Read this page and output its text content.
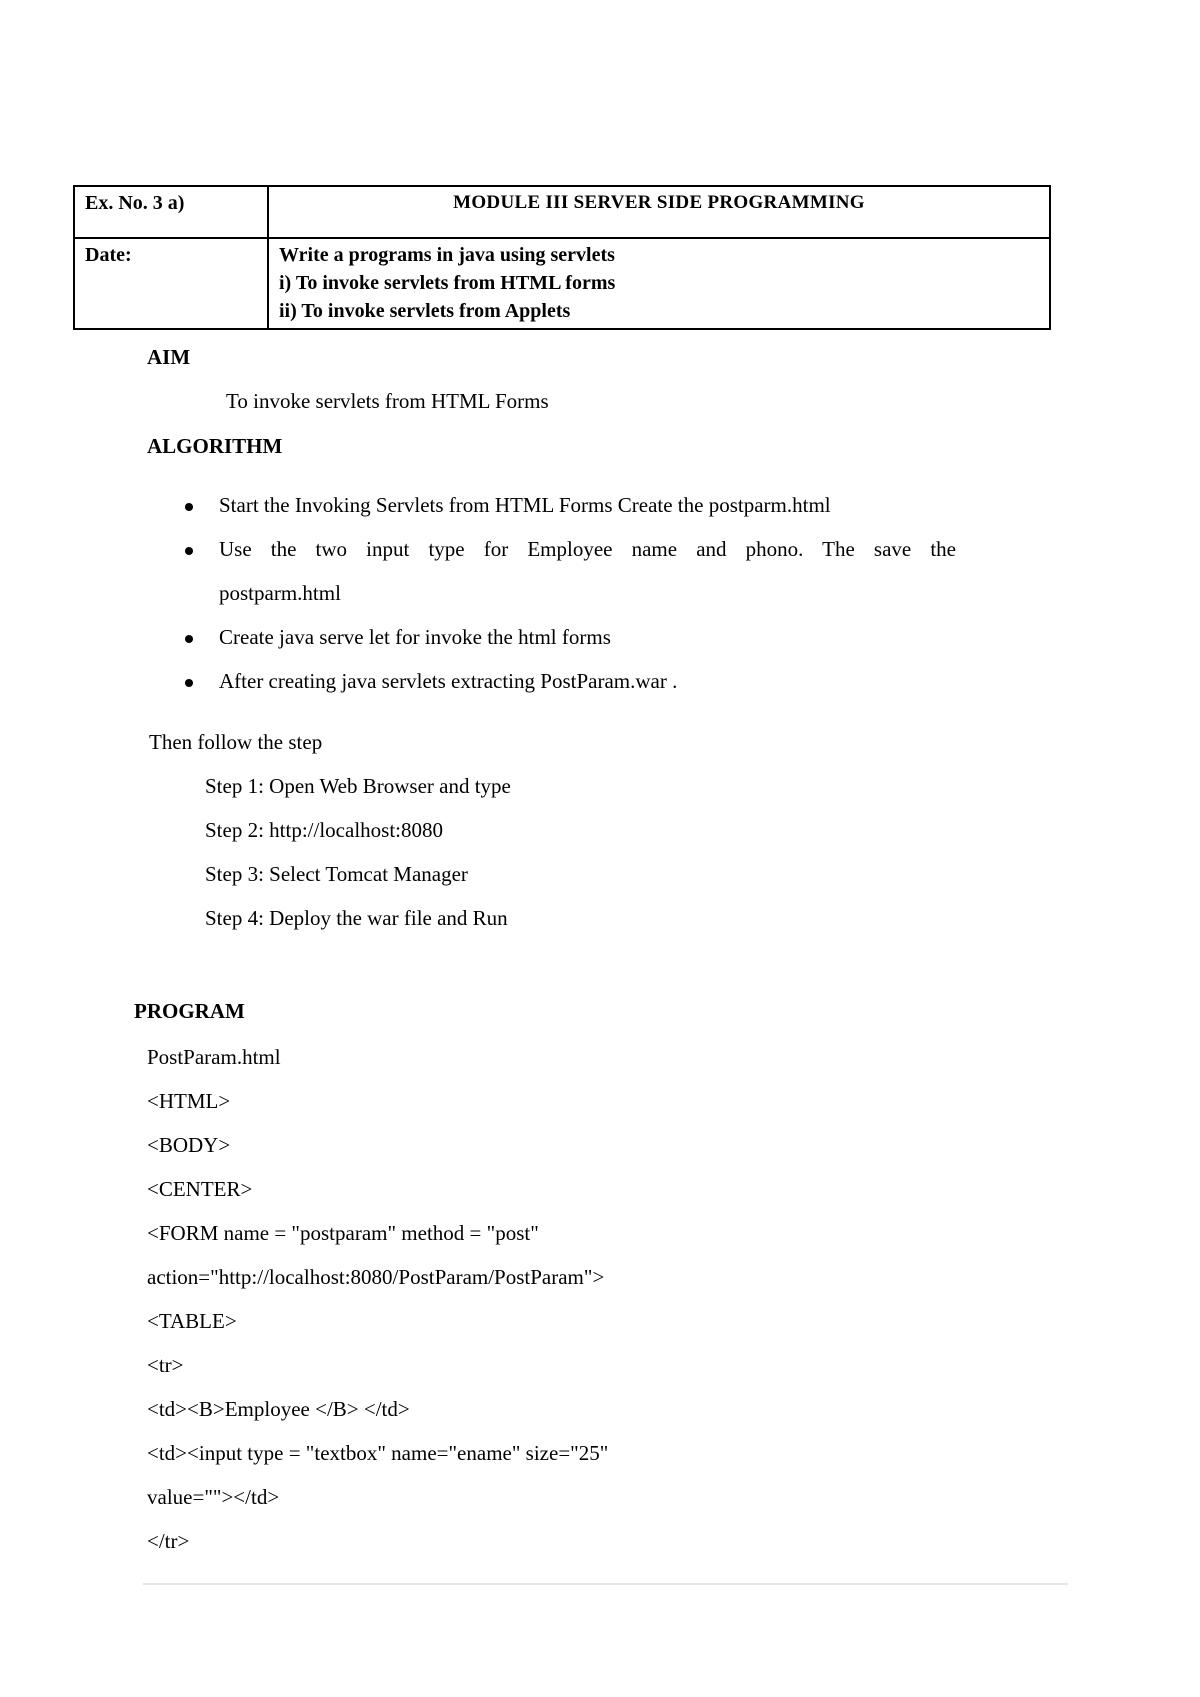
Ex. No. 3 a)	MODULE III SERVER SIDE PROGRAMMING
Date:	Write a programs in java using servlets
i) To invoke servlets from HTML forms
ii) To invoke servlets from Applets
AIM
To invoke servlets from HTML Forms
ALGORITHM
Start the Invoking Servlets from HTML Forms Create the postparm.html
Use the two input type for Employee name and phono. The save the
postparm.html
Create java serve let for invoke the html forms
After creating java servlets extracting PostParam.war .
Then follow the step
Step 1: Open Web Browser and type
Step 2: http://localhost:8080
Step 3: Select Tomcat Manager
Step 4: Deploy the war file and Run
PROGRAM
PostParam.html
<HTML>
<BODY>
<CENTER>
<FORM name = "postparam" method = "post"
action="http://localhost:8080/PostParam/PostParam">
<TABLE>
<tr>
<td><B>Employee </B> </td>
<td><input type = "textbox" name="ename" size="25"
value=""></td>
</tr>
